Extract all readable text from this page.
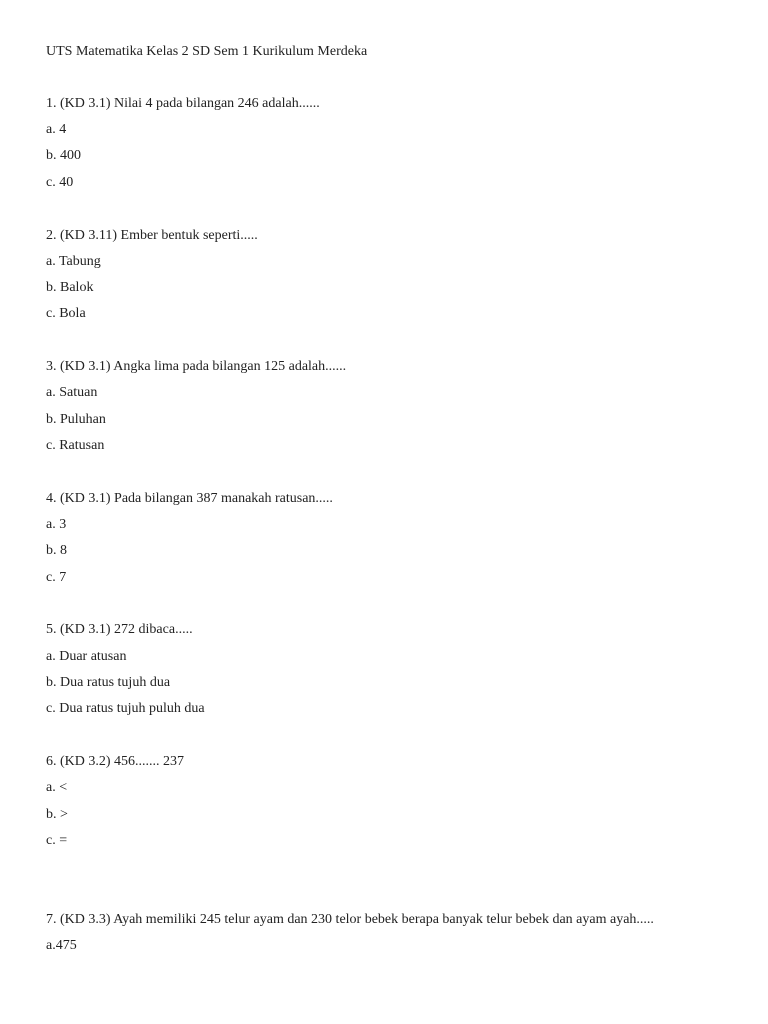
UTS Matematika Kelas 2 SD Sem 1 Kurikulum Merdeka
1. (KD 3.1) Nilai 4 pada bilangan 246 adalah......
a. 4
b. 400
c. 40
2. (KD 3.11) Ember bentuk seperti.....
a. Tabung
b. Balok
c. Bola
3. (KD 3.1) Angka lima pada bilangan 125 adalah......
a. Satuan
b. Puluhan
c. Ratusan
4. (KD 3.1) Pada bilangan 387 manakah ratusan.....
a. 3
b. 8
c. 7
5. (KD 3.1) 272 dibaca.....
a. Duar atusan
b. Dua ratus tujuh dua
c. Dua ratus tujuh puluh dua
6. (KD 3.2) 456....... 237
a. <
b. >
c. =
7. (KD 3.3) Ayah memiliki 245 telur ayam dan 230 telor bebek berapa banyak telur bebek dan ayam ayah.....
a.475
